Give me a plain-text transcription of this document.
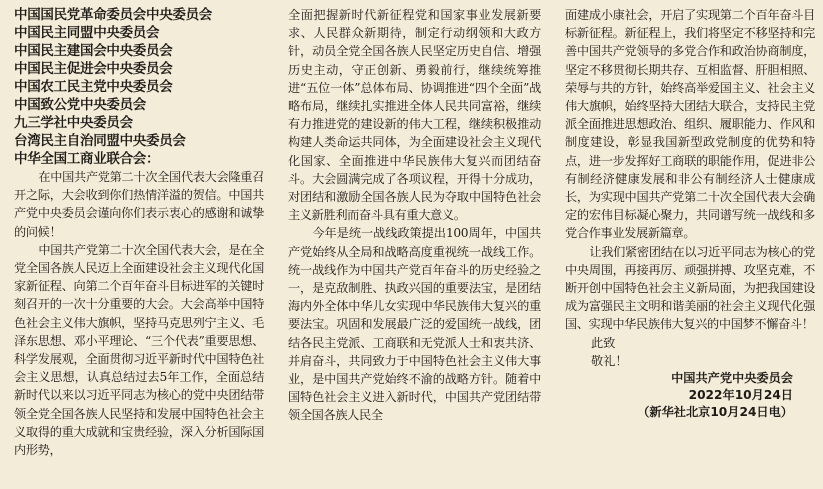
中国国民党革命委员会中央委员会
中国民主同盟中央委员会
中国民主建国会中央委员会
中国民主促进会中央委员会
中国农工民主党中央委员会
中国致公党中央委员会
九三学社中央委员会
台湾民主自治同盟中央委员会
中华全国工商业联合会：

在中国共产党第二十次全国代表大会隆重召开之际，大会收到你们热情洋溢的贺信。中国共产党中央委员会谨向你们表示衷心的感谢和诚挚的问候！

中国共产党第二十次全国代表大会，是在全党全国各族人民迈上全面建设社会主义现代化国家新征程、向第二个百年奋斗目标进军的关键时刻召开的一次十分重要的大会。大会高举中国特色社会主义伟大旗帜，坚持马克思列宁主义、毛泽东思想、邓小平理论、“三个代表”重要思想、科学发展观，全面贯彻习近平新时代中国特色社会主义思想，认真总结过去5年工作，全面总结新时代以来以习近平同志为核心的党中央团结带领全党全国各族人民坚持和发展中国特色社会主义取得的重大成就和宝贵经验，深入分析国际国内形势，

全面把握新时代新征程党和国家事业发展新要求、人民群众新期待，制定行动纲领和大政方针，动员全党全国各族人民坚定历史自信、增强历史主动，守正创新、勇毅前行，继续统筹推进“五位一体”总体布局、协调推进“四个全面”战略布局，继续扎实推进全体人民共同富裕，继续有力推进党的建设新的伟大工程，继续积极推动构建人类命运共同体，为全面建设社会主义现代化国家、全面推进中华民族伟大复兴而团结奋斗。大会圆满完成了各项议程，开得十分成功，对团结和激励全国各族人民为夺取中国特色社会主义新胜利而奋斗具有重大意义。

今年是统一战线政策提出100周年，中国共产党始终从全局和战略高度重视统一战线工作。统一战线作为中国共产党百年奋斗的历史经验之一，是克敌制胜、执政兴国的重要法宝，是团结海内外全体中华儿女实现中华民族伟大复兴的重要法宝。巩固和发展最广泛的爱国统一战线，团结各民主党派、工商联和无党派人士和衷共济、并肩奋斗，共同致力于中国特色社会主义伟大事业，是中国共产党始终不渝的战略方针。随着中国特色社会主义进入新时代，中国共产党团结带领全国各族人民全

面建成小康社会，开启了实现第二个百年奋斗目标新征程。新征程上，我们将坚定不移坚持和完善中国共产党领导的多党合作和政治协商制度，坚定不移贯彻长期共存、互相监督、肝胆相照、荣辱与共的方针，始终高举爱国主义、社会主义伟大旗帜，始终坚持大团结大联合，支持民主党派全面推进思想政治、组织、履职能力、作风和制度建设，彰显我国新型政党制度的优势和特点，进一步发挥好工商联的职能作用，促进非公有制经济健康发展和非公有制经济人士健康成长，为实现中国共产党第二十次全国代表大会确定的宏伟目标凝心聚力，共同谱写统一战线和多党合作事业发展新篇章。

让我们紧密团结在以习近平同志为核心的党中央周围，再接再厉、顽强拼搏、攻坚克难，不断开创中国特色社会主义新局面，为把我国建设成为富强民主文明和谐美丽的社会主义现代化强国、实现中华民族伟大复兴的中国梦不懈奋斗！

此致
敬礼！
中国共产党中央委员会
2022年10月24日
（新华社北京10月24日电）
